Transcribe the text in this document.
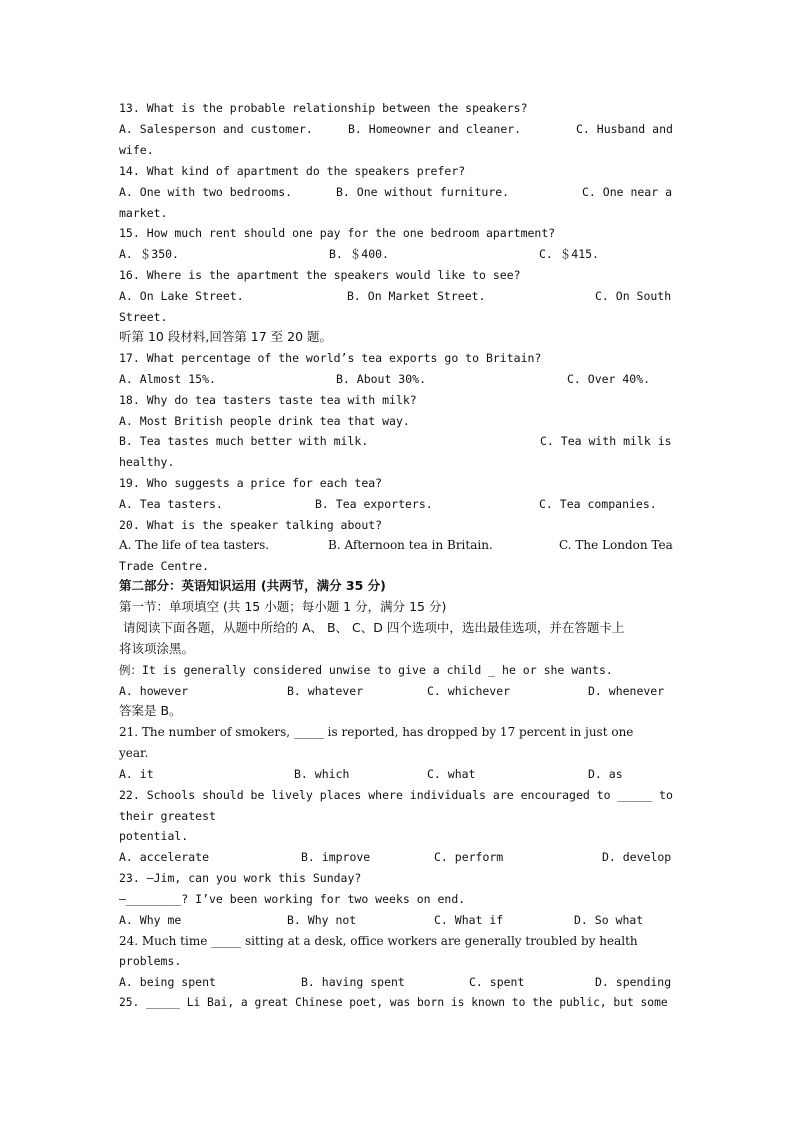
13. What is the probable relationship between the speakers?

A. Salesperson and customer.

	B. Homeowner and cleaner.

	C. Husband and

wife.
14. What kind of apartment do the speakers prefer?

A. One with two bedrooms.

	B. One without furniture.

	C. One near a

market.
15. How much rent should one pay for the one bedroom apartment?

A. ＄350.

	B. ＄400.

	C. ＄415.

16. Where is the apartment the speakers would like to see?

A. On Lake Street.

	B. On Market Street.

	C. On South

Street.
听第 10 段材料,回答第 17 至 20 题。
17. What percentage of the world’s tea exports go to Britain?

A. Almost 15%.

	B. About 30%.

	C. Over 40%.

18. Why do tea tasters taste tea with milk?
A. Most British people drink tea that way.

B. Tea tastes much better with milk.

	C. Tea with milk is

healthy.
19. Who suggests a price for each tea?

A. Tea tasters.

	B. Tea exporters.

	C. Tea companies.

20. What is the speaker talking about?

A. The life of tea tasters.

	B. Afternoon tea in Britain.

	C. The London Tea

Trade Centre.
第二部分：英语知识运用 (共两节，满分 35 分)
第一节：单项填空 (共 15 小题；每小题 1 分，满分 15 分)
请阅读下面各题，从题中所给的 A、 B、 C、D 四个选项中，选出最佳选项，并在答题卡上
将该项涂黑。
例：It is generally considered unwise to give a child _ he or she wants.

A. however

	B. whatever

	C. whichever

	D. whenever

答案是 B。
21. The number of smokers, _____ is reported, has dropped by 17 percent in just one
year.

A. it

	B. which

	C. what

	D. as

22. Schools should be lively places where individuals are encouraged to _____ to
their greatest
potential.

A. accelerate

	B. improve

	C. perform

	D. develop

23. —Jim, can you work this Sunday?
—________? I’ve been working for two weeks on end.

A. Why me

	B. Why not

	C. What if

	D. So what

24. Much time _____ sitting at a desk, office workers are generally troubled by health
problems.

A. being spent

	B. having spent

	C. spent

	D. spending

25. _____ Li Bai, a great Chinese poet, was born is known to the public, but some
